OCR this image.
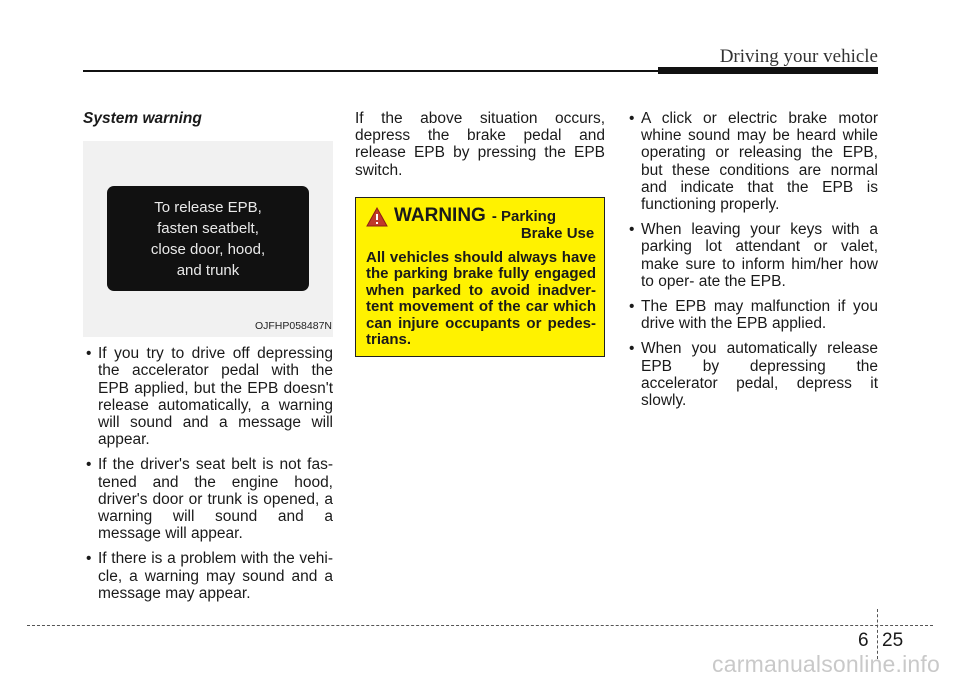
Driving your vehicle

System warning

To release EPB,
fasten seatbelt,
close door, hood,
and trunk
OJFHP058487N
• If you try to drive off depressing the accelerator pedal with the EPB applied, but the EPB doesn't release automatically, a warning will sound and a message will appear.
• If the driver's seat belt is not fas- tened and the engine hood, driver's door or trunk is opened, a warning will sound and a message will appear.
• If there is a problem with the vehi- cle, a warning may sound and a message may appear.

If the above situation occurs, depress the brake pedal and release EPB by pressing the EPB switch.

WARNING - Parking
Brake Use
All vehicles should always have the parking brake fully engaged when parked to avoid inadver- tent movement of the car which can injure occupants or pedes- trians.
• A click or electric brake motor whine sound may be heard while operating or releasing the EPB, but these conditions are normal and indicate that the EPB is functioning properly.
• When leaving your keys with a parking lot attendant or valet, make sure to inform him/her how to oper- ate the EPB.
• The EPB may malfunction if you drive with the EPB applied.
• When you automatically release EPB by depressing the accelerator pedal, depress it slowly.
6 25
carmanualsonline.info
